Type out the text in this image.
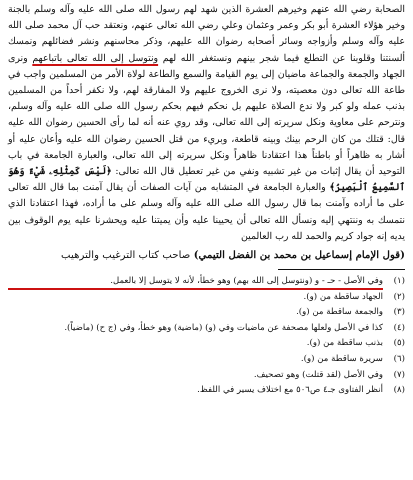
الصحابة رضي الله عنهم وخيرهم العشرة الذين شهد لهم رسول الله صلى الله عليه وآله وسلم بالجنة وخير هؤلاء العشرة أبو بكر وعمر وعثمان وعلي رضي الله تعالى عنهم، ونعتقد حب آل محمد صلى الله عليه وآله وسلم وأزواجه وسائر أصحابه رضوان الله عليهم، وذكر محاسنهم ونشر فضائلهم ونمسك ألسنتنا وقلوبنا عن التطلع فيما شجر بينهم ونستغفر الله لهم ونتوسل إلى الله تعالى باتباعهم ونرى الجهاد والجمعة والجماعة ماضيان إلى يوم القيامة والسمع والطاعة لولاة الأمر من المسلمين واجب في طاعة الله تعالى دون معصيته، ولا نرى الخروج عليهم ولا المفارقة لهم، ولا نكفر أحداً من المسلمين بذنب عمله ولو كبر ولا ندع الصلاة عليهم بل نحكم فيهم بحكم رسول الله صلى الله عليه وآله وسلم، ونترحم على معاوية ونكل سريرته إلى الله تعالى، وقد روي عنه أنه لما رأى الحسين رضوان الله عليه قال: قتلك من كان الرحم بينك وبينه قاطعة، وبريء من قتل الحسين رضوان الله عليه وأعان عليه أو أشار به ظاهراً أو باطناً هذا اعتقادنا ظاهراً ونكل سريرته إلى الله تعالى، والعبارة الجامعة في باب التوحيد أن يقال إثبات من غير تشبيه ونفي من غير تعطيل قال الله تعالى: ﴿لَيْسَ كَمِثْلِهِۦ شَيْءٌ وَهُوَ ٱلسَّمِيعُ ٱلْبَصِيرُ﴾ والعبارة الجامعة في المتشابه من آيات الصفات أن يقال آمنت بما قال الله تعالى على ما أراده وآمنت بما قال رسول الله صلى الله عليه وآله وسلم على ما أراده، فهذا اعتقادنا الذي نتمسك به وننتهي إليه ونسأل الله تعالى أن يحيينا عليه وأن يميتنا عليه ويحشرنا عليه يوم الوقوف بين يديه إنه جواد كريم والحمد لله رب العالمين

(قول الإمام إسماعيل بن محمد بن الفضل التيمي) صاحب كتاب الترغيب والترهيب
(١)
وفي الأصل - حـ - و (ونتوسل إلى الله بهم) وهو خطأ، لأنه لا يتوسل إلا بالعمل.
(٢)
الجهاد ساقطة من (و).
(٣)
والجمعة ساقطة من (و).
(٤)
كذا في الأصل ولعلها مصحفة عن ماضيات وفي (و) (ماضية) وهو خطأ، وفي (ج ح) (ماضياً).
(٥)
بذنب ساقطة من (و).
(٦)
سريرة ساقطة من (و).
(٧)
وفي الأصل (لقد قتلت) وهو تصحيف.
(٨)
أنظر الفتاوى جـ٤ ص٥٠٦ مع اختلاف يسير في اللفظ.
